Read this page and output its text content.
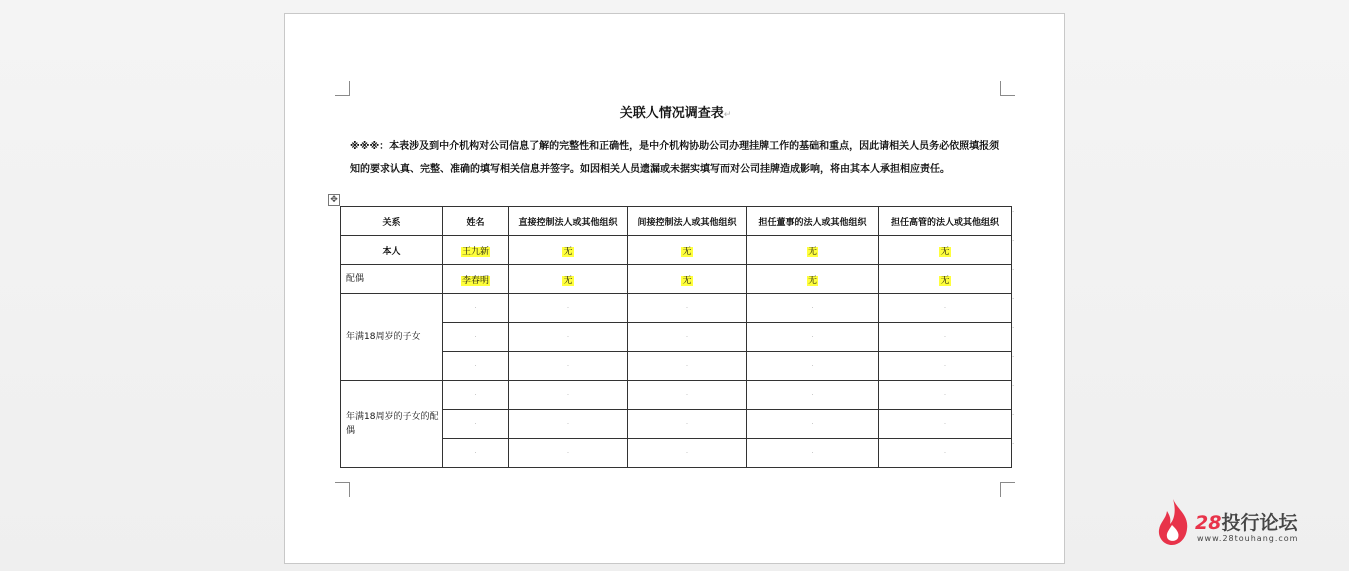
关联人情况调查表↵
※※※：本表涉及到中介机构对公司信息了解的完整性和正确性，是中介机构协助公司办理挂牌工作的基础和重点，因此请相关人员务必依照填报须知的要求认真、完整、准确的填写相关信息并签字。如因相关人员遗漏或未据实填写而对公司挂牌造成影响，将由其本人承担相应责任。
✥
关系	姓名	直接控制法人或其他组织	间接控制法人或其他组织	担任董事的法人或其他组织	担任高管的法人或其他组织
本人	王九新	无	无	无	无
配偶	李春明	无	无	无	无
年满18周岁的子女	·	·	·	·	·
	·	·	·	·	·
	·	·	·	·	·
年满18周岁的子女的配偶	·	·	·	·	·
	·	·	·	·	·
	·	·	·	·	·
·
·
·
·
·
·
·
·
·
28投行论坛
www.28touhang.com
